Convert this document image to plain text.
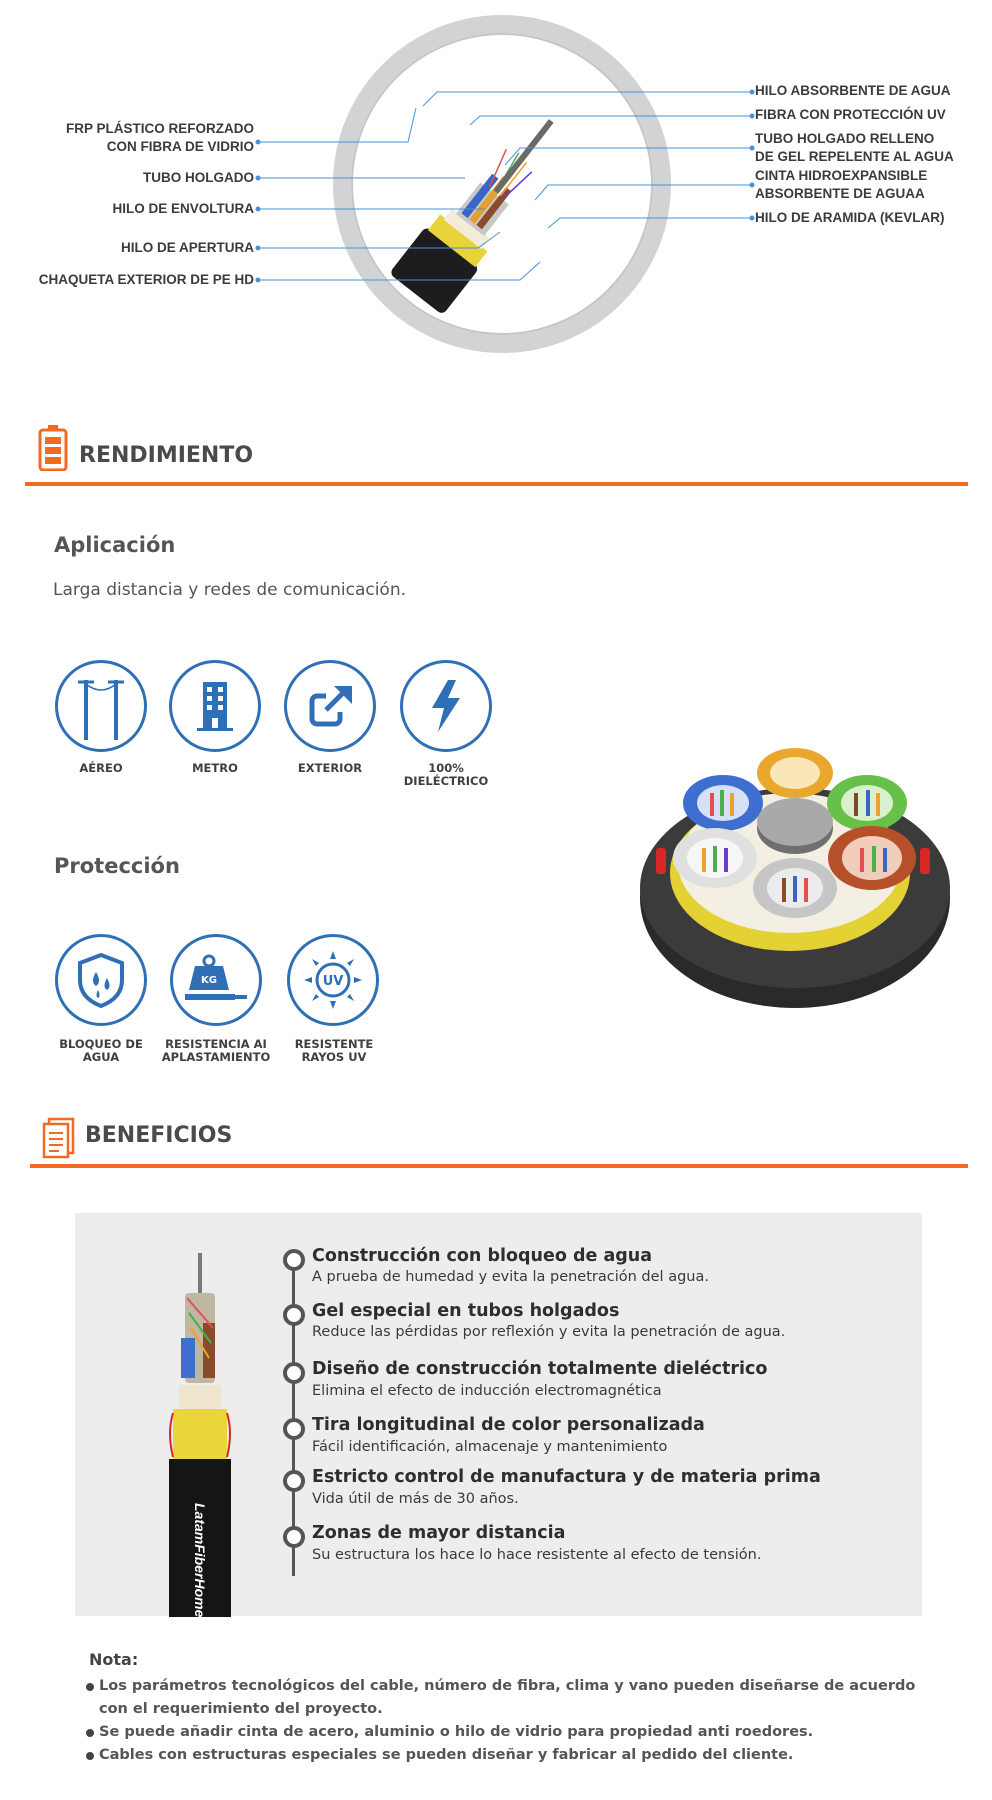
LatamFiberHome
FRP PLÁSTICO REFORZADO
CON FIBRA DE VIDRIO
TUBO HOLGADO
HILO DE ENVOLTURA
HILO DE APERTURA
CHAQUETA EXTERIOR DE PE HD
HILO ABSORBENTE DE AGUA
FIBRA CON PROTECCIÓN UV
TUBO HOLGADO RELLENO
DE GEL REPELENTE AL AGUA
CINTA HIDROEXPANSIBLE
ABSORBENTE DE AGUAA
HILO DE ARAMIDA (KEVLAR)
RENDIMIENTO
Aplicación
Larga distancia y redes de comunicación.
AÉREO	METRO	EXTERIOR	100%
DIELÉCTRICO
Protección
BLOQUEO DE
AGUA
KG
RESISTENCIA AI
APLASTAMIENTO
UV
RESISTENTE
RAYOS UV
BENEFICIOS
LatamFiberHome
Construcción con bloqueo de agua
A prueba de humedad y evita la penetración del agua.
Gel especial en tubos holgados
Reduce las pérdidas por reflexión y evita la penetración de agua.
Diseño de construcción totalmente dieléctrico
Elimina el efecto de inducción electromagnética
Tira longitudinal de color personalizada
Fácil identificación, almacenaje y mantenimiento
Estricto control de manufactura y de materia prima
Vida útil de más de 30 años.
Zonas de mayor distancia
Su estructura los hace lo hace resistente al efecto de tensión.
Nota:
Los parámetros tecnológicos del cable, número de fibra, clima y vano pueden diseñarse de acuerdo con el requerimiento del proyecto.
Se puede añadir cinta de acero, aluminio o hilo de vidrio para propiedad anti roedores.
Cables con estructuras especiales se pueden diseñar y fabricar al pedido del cliente.
